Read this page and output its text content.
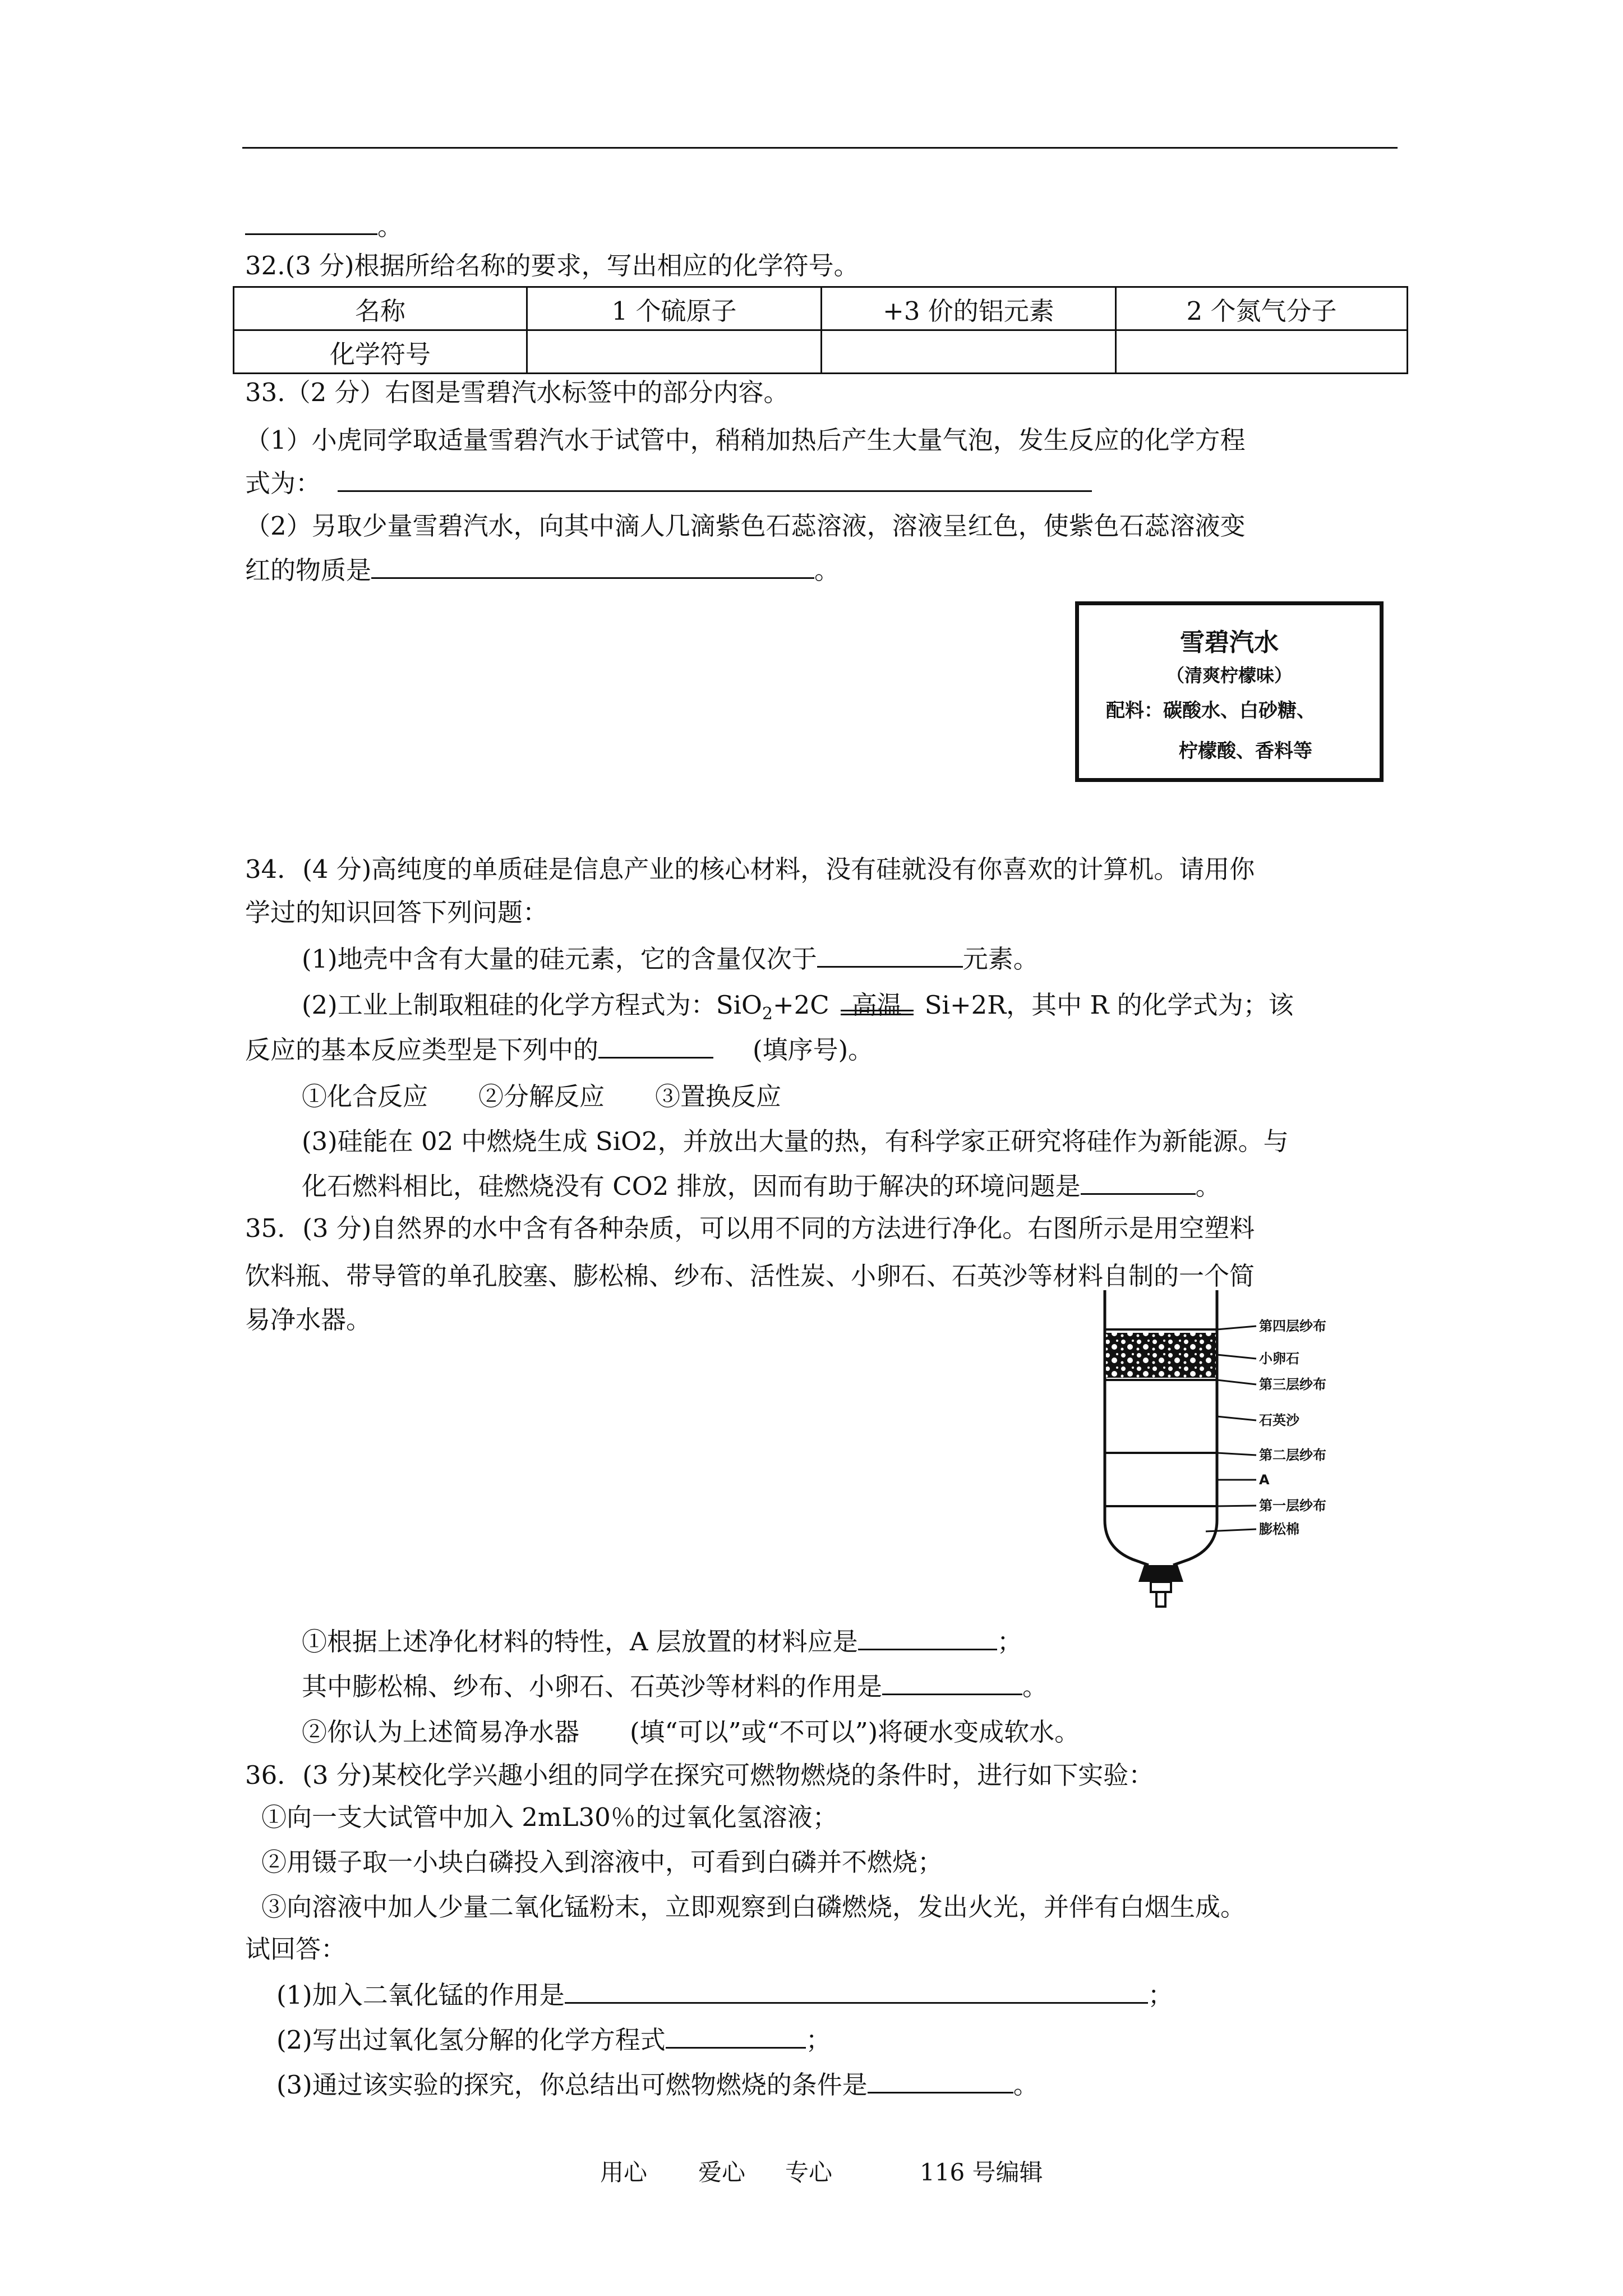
。
32.(3 分)根据所给名称的要求，写出相应的化学符号。
名称	1 个硫原子	+3 价的铝元素	2 个氮气分子
化学符号			
33.（2 分）右图是雪碧汽水标签中的部分内容。
（1）小虎同学取适量雪碧汽水于试管中，稍稍加热后产生大量气泡，发生反应的化学方程
式为：
（2）另取少量雪碧汽水，向其中滴人几滴紫色石蕊溶液，溶液呈红色，使紫色石蕊溶液变
红的物质是	。
雪碧汽水
（清爽柠檬味）
配料：碳酸水、白砂糖、
柠檬酸、香料等
34．(4 分)高纯度的单质硅是信息产业的核心材料，没有硅就没有你喜欢的计算机。请用你
学过的知识回答下列问题：
(1)地壳中含有大量的硅元素，它的含量仅次于	元素。
(2)工业上制取粗硅的化学方程式为：SiO$_2$+2C 高温 Si+2R，其中 R 的化学式为；该
反应的基本反应类型是下列中的	(填序号)。
①化合反应　　②分解反应　　③置换反应
(3)硅能在 02 中燃烧生成 SiO2，并放出大量的热，有科学家正研究将硅作为新能源。与
化石燃料相比，硅燃烧没有 CO2 排放，因而有助于解决的环境问题是	。
35．(3 分)自然界的水中含有各种杂质，可以用不同的方法进行净化。右图所示是用空塑料
饮料瓶、带导管的单孔胶塞、膨松棉、纱布、活性炭、小卵石、石英沙等材料自制的一个简
易净水器。	第四层纱布
小卵石
第三层纱布
石英沙
第二层纱布
A
第一层纱布
膨松棉
①根据上述净化材料的特性，A 层放置的材料应是	；
其中膨松棉、纱布、小卵石、石英沙等材料的作用是	。
②你认为上述简易净水器　　(填“可以”或“不可以”)将硬水变成软水。
36．(3 分)某校化学兴趣小组的同学在探究可燃物燃烧的条件时，进行如下实验：
①向一支大试管中加入 2mL30％的过氧化氢溶液；
②用镊子取一小块白磷投入到溶液中，可看到白磷并不燃烧；
③向溶液中加人少量二氧化锰粉末，立即观察到白磷燃烧，发出火光，并伴有白烟生成。
试回答：
(1)加入二氧化锰的作用是	；
(2)写出过氧化氢分解的化学方程式	；
(3)通过该实验的探究，你总结出可燃物燃烧的条件是	。
用心 爱心 专心	116 号编辑
